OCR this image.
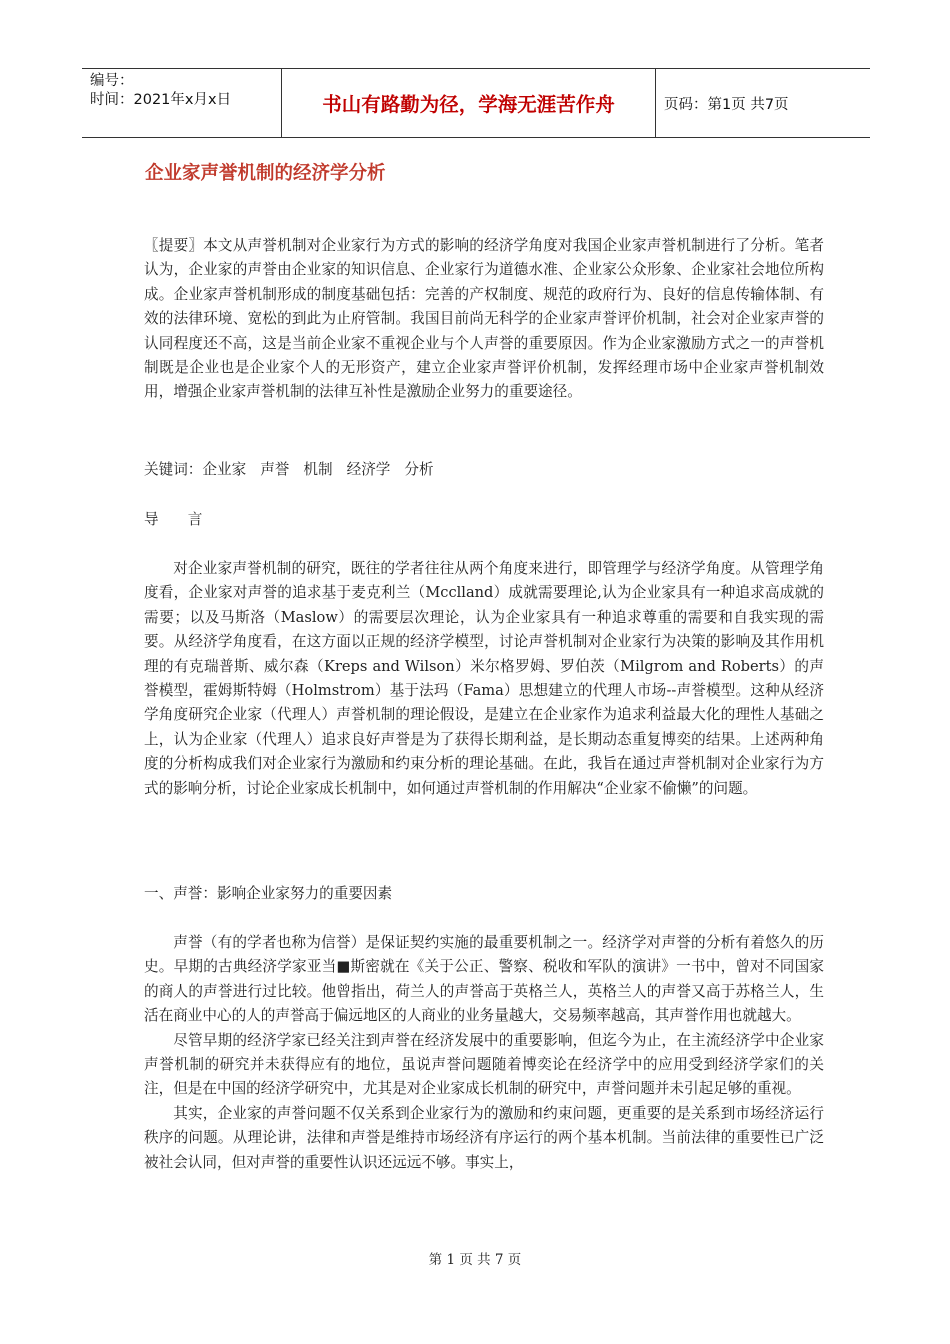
编号：
时间：2021年x月x日	书山有路勤为径，学海无涯苦作舟	页码：第1页 共7页
企业家声誉机制的经济学分析

〖提要〗本文从声誉机制对企业家行为方式的影响的经济学角度对我国企业家声誉机制进行了分析。笔者认为，企业家的声誉由企业家的知识信息、企业家行为道德水准、企业家公众形象、企业家社会地位所构成。企业家声誉机制形成的制度基础包括：完善的产权制度、规范的政府行为、良好的信息传输体制、有效的法律环境、宽松的到此为止府管制。我国目前尚无科学的企业家声誉评价机制，社会对企业家声誉的认同程度还不高，这是当前企业家不重视企业与个人声誉的重要原因。作为企业家激励方式之一的声誉机制既是企业也是企业家个人的无形资产，建立企业家声誉评价机制，发挥经理市场中企业家声誉机制效用，增强企业家声誉机制的法律互补性是激励企业努力的重要途径。

关键词：企业家 声誉 机制 经济学 分析

导　　言

对企业家声誉机制的研究，既往的学者往往从两个角度来进行，即管理学与经济学角度。从管理学角度看，企业家对声誉的追求基于麦克利兰（Mcclland）成就需要理论,认为企业家具有一种追求高成就的需要；以及马斯洛（Maslow）的需要层次理论，认为企业家具有一种追求尊重的需要和自我实现的需要。从经济学角度看，在这方面以正规的经济学模型，讨论声誉机制对企业家行为决策的影响及其作用机理的有克瑞普斯、威尔森（Kreps and Wilson）米尔格罗姆、罗伯茨（Milgrom and Roberts）的声誉模型，霍姆斯特姆（Holmstrom）基于法玛（Fama）思想建立的代理人市场--声誉模型。这种从经济学角度研究企业家（代理人）声誉机制的理论假设，是建立在企业家作为追求利益最大化的理性人基础之上，认为企业家（代理人）追求良好声誉是为了获得长期利益，是长期动态重复博奕的结果。上述两种角度的分析构成我们对企业家行为激励和约束分析的理论基础。在此，我旨在通过声誉机制对企业家行为方式的影响分析，讨论企业家成长机制中，如何通过声誉机制的作用解决“企业家不偷懒”的问题。

一、声誉：影响企业家努力的重要因素

声誉（有的学者也称为信誉）是保证契约实施的最重要机制之一。经济学对声誉的分析有着悠久的历史。早期的古典经济学家亚当■斯密就在《关于公正、警察、税收和军队的演讲》一书中，曾对不同国家的商人的声誉进行过比较。他曾指出，荷兰人的声誉高于英格兰人，英格兰人的声誉又高于苏格兰人，生活在商业中心的人的声誉高于偏远地区的人商业的业务量越大，交易频率越高，其声誉作用也就越大。

尽管早期的经济学家已经关注到声誉在经济发展中的重要影响，但迄今为止，在主流经济学中企业家声誉机制的研究并未获得应有的地位，虽说声誉问题随着博奕论在经济学中的应用受到经济学家们的关注，但是在中国的经济学研究中，尤其是对企业家成长机制的研究中，声誉问题并未引起足够的重视。

其实，企业家的声誉问题不仅关系到企业家行为的激励和约束问题，更重要的是关系到市场经济运行秩序的问题。从理论讲，法律和声誉是维持市场经济有序运行的两个基本机制。当前法律的重要性已广泛被社会认同，但对声誉的重要性认识还远远不够。事实上，

第 1 页 共 7 页
